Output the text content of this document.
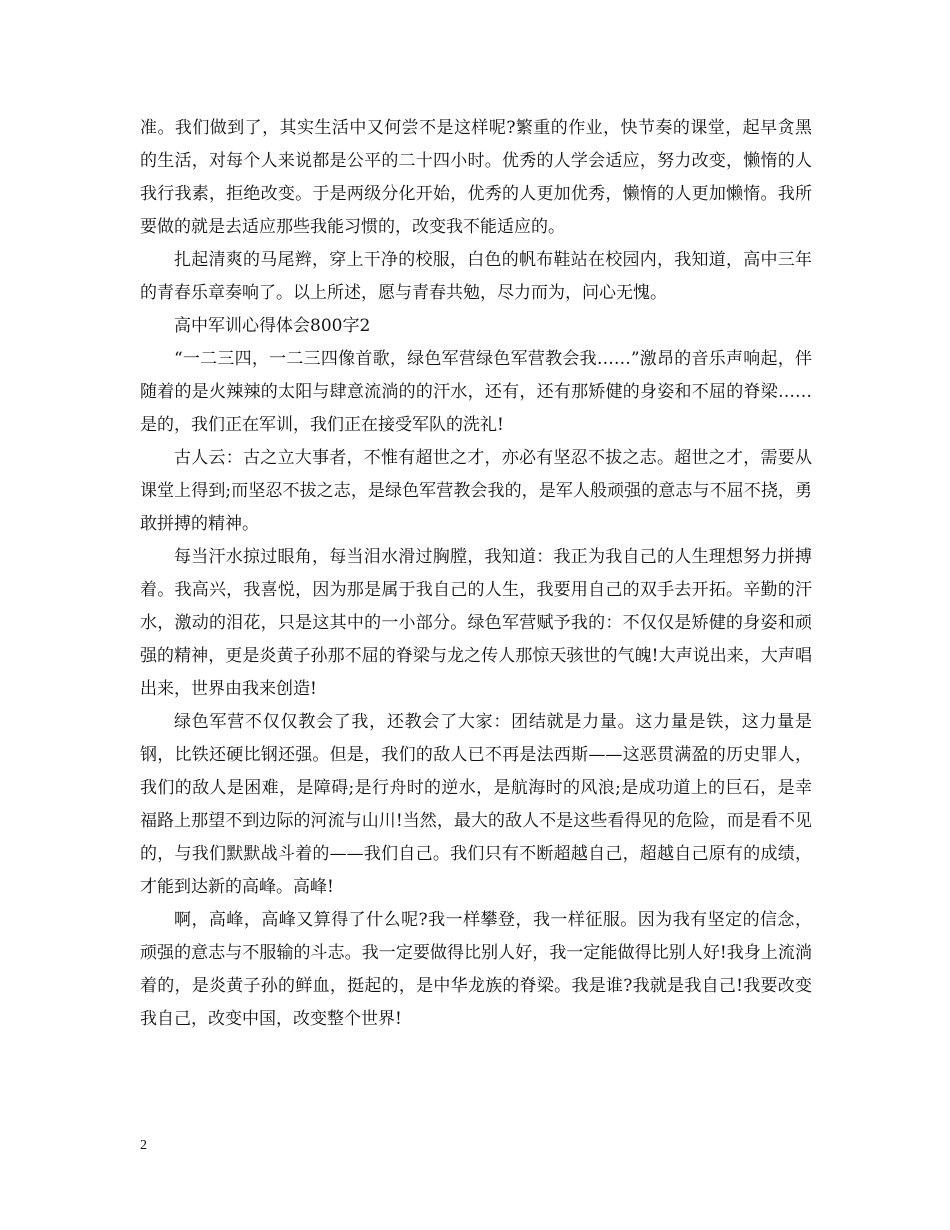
准。我们做到了，其实生活中又何尝不是这样呢?繁重的作业，快节奏的课堂，起早贪黑的生活，对每个人来说都是公平的二十四小时。优秀的人学会适应，努力改变，懒惰的人我行我素，拒绝改变。于是两级分化开始，优秀的人更加优秀，懒惰的人更加懒惰。我所要做的就是去适应那些我能习惯的，改变我不能适应的。

扎起清爽的马尾辫，穿上干净的校服，白色的帆布鞋站在校园内，我知道，高中三年的青春乐章奏响了。以上所述，愿与青春共勉，尽力而为，问心无愧。

高中军训心得体会800字2

“一二三四，一二三四像首歌，绿色军营绿色军营教会我……”激昂的音乐声响起，伴随着的是火辣辣的太阳与肆意流淌的的汗水，还有，还有那矫健的身姿和不屈的脊梁……是的，我们正在军训，我们正在接受军队的洗礼!

古人云：古之立大事者，不惟有超世之才，亦必有坚忍不拔之志。超世之才，需要从课堂上得到;而坚忍不拔之志，是绿色军营教会我的，是军人般顽强的意志与不屈不挠，勇敢拼搏的精神。

每当汗水掠过眼角，每当泪水滑过胸膛，我知道：我正为我自己的人生理想努力拼搏着。我高兴，我喜悦，因为那是属于我自己的人生，我要用自己的双手去开拓。辛勤的汗水，激动的泪花，只是这其中的一小部分。绿色军营赋予我的：不仅仅是矫健的身姿和顽强的精神，更是炎黄子孙那不屈的脊梁与龙之传人那惊天骇世的气魄!大声说出来，大声唱出来，世界由我来创造!

绿色军营不仅仅教会了我，还教会了大家：团结就是力量。这力量是铁，这力量是钢，比铁还硬比钢还强。但是，我们的敌人已不再是法西斯——这恶贯满盈的历史罪人，我们的敌人是困难，是障碍;是行舟时的逆水，是航海时的风浪;是成功道上的巨石，是幸福路上那望不到边际的河流与山川!当然，最大的敌人不是这些看得见的危险，而是看不见的，与我们默默战斗着的——我们自己。我们只有不断超越自己，超越自己原有的成绩，才能到达新的高峰。高峰!

啊，高峰，高峰又算得了什么呢?我一样攀登，我一样征服。因为我有坚定的信念，顽强的意志与不服输的斗志。我一定要做得比别人好，我一定能做得比别人好!我身上流淌着的，是炎黄子孙的鲜血，挺起的，是中华龙族的脊梁。我是谁?我就是我自己!我要改变我自己，改变中国，改变整个世界!

2
